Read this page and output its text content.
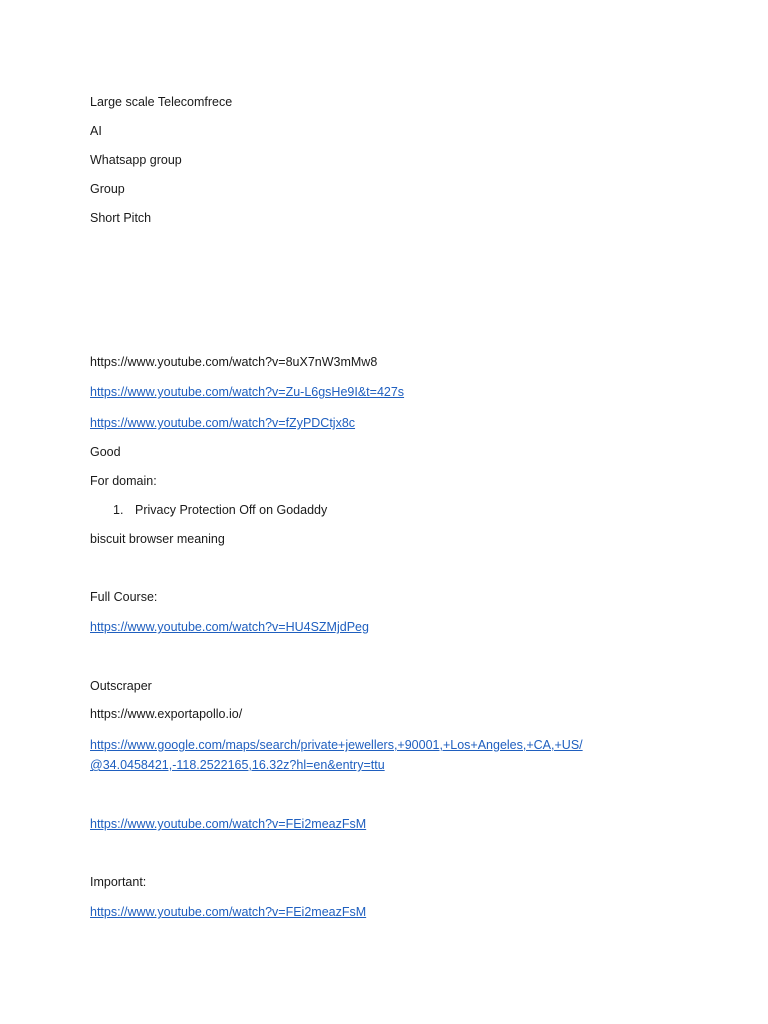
Large scale Telecomfrece
AI
Whatsapp group
Group
Short Pitch
https://www.youtube.com/watch?v=8uX7nW3mMw8
https://www.youtube.com/watch?v=Zu-L6gsHe9I&t=427s
https://www.youtube.com/watch?v=fZyPDCtjx8c
Good
For domain:
1. Privacy Protection Off on Godaddy
biscuit browser meaning
Full Course:
https://www.youtube.com/watch?v=HU4SZMjdPeg
Outscraper
https://www.exportapollo.io/
https://www.google.com/maps/search/private+jewellers,+90001,+Los+Angeles,+CA,+US/
@34.0458421,-118.2522165,16.32z?hl=en&entry=ttu
https://www.youtube.com/watch?v=FEi2meazFsM
Important:
https://www.youtube.com/watch?v=FEi2meazFsM
